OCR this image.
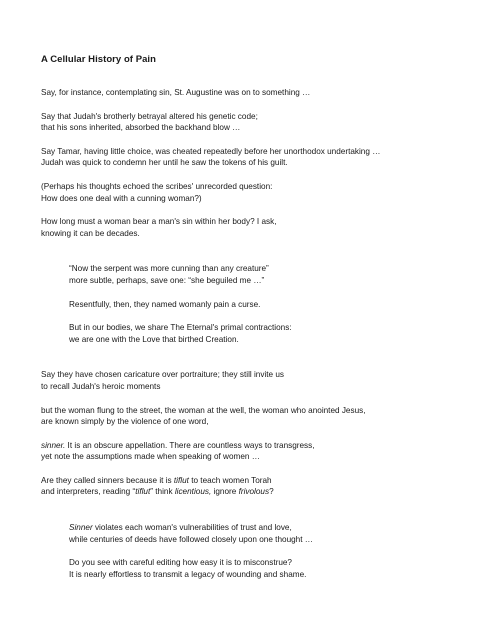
A Cellular History of Pain

Say, for instance, contemplating sin, St. Augustine was on to something …

Say that Judah's brotherly betrayal altered his genetic code;
that his sons inherited, absorbed the backhand blow …

Say Tamar, having little choice, was cheated repeatedly before her unorthodox undertaking …
Judah was quick to condemn her until he saw the tokens of his guilt.

(Perhaps his thoughts echoed the scribes' unrecorded question:
How does one deal with a cunning woman?)

How long must a woman bear a man's sin within her body? I ask,
knowing it can be decades.

“Now the serpent was more cunning than any creature”
more subtle, perhaps, save one: “she beguiled me …”

Resentfully, then, they named womanly pain a curse.

But in our bodies, we share The Eternal's primal contractions:
we are one with the Love that birthed Creation.

Say they have chosen caricature over portraiture; they still invite us
to recall Judah's heroic moments

but the woman flung to the street, the woman at the well, the woman who anointed Jesus,
are known simply by the violence of one word,

sinner. It is an obscure appellation. There are countless ways to transgress,
yet note the assumptions made when speaking of women …

Are they called sinners because it is tiflut to teach women Torah
and interpreters, reading “tiflut” think licentious, ignore frivolous?

Sinner violates each woman's vulnerabilities of trust and love,
while centuries of deeds have followed closely upon one thought …

Do you see with careful editing how easy it is to misconstrue?
It is nearly effortless to transmit a legacy of wounding and shame.
